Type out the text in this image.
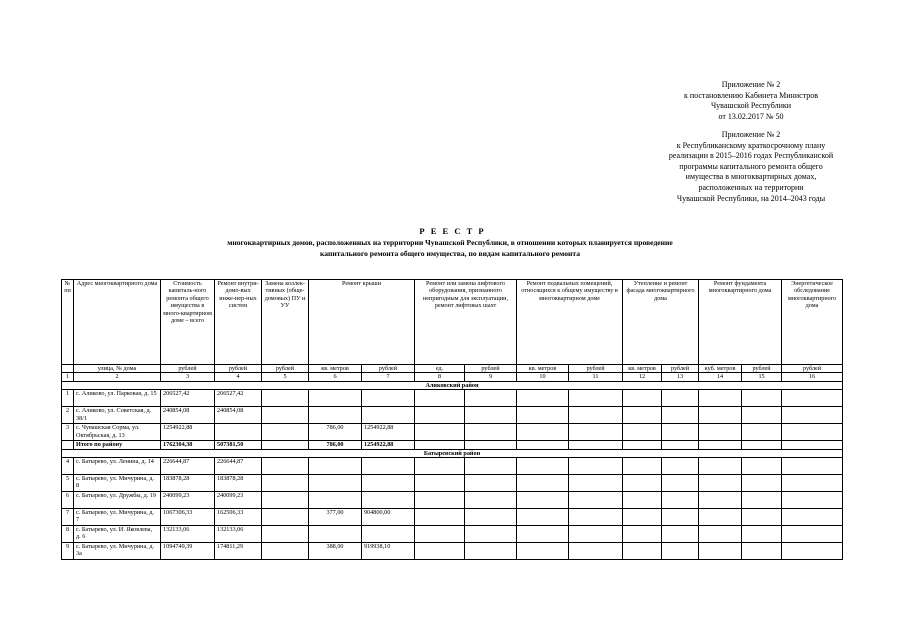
Приложение № 2
к постановлению Кабинета Министров
Чувашской Республики
от 13.02.2017 № 50
Приложение № 2
к Республиканскому краткосрочному плану
реализации в 2015–2016 годах Республиканской
программы капитального ремонта общего
имущества в многоквартирных домах,
расположенных на территории
Чувашской Республики, на 2014–2043 годы
Р Е Е С Т Р
многоквартирных домов, расположенных на территории Чувашской Республики, в отношении которых планируется проведение
капитального ремонта общего имущества, по видам капитального ремонта
№ пп	Адрес многоквартирного дома	Стоимость капиталь-ного ремонта общего имущества в много-квартирном доме – всего	Ремонт внутри-домо-вых инже-нер-ных систем	Замена коллек-тивных (обще-домовых) ПУ и УУ	Ремонт крыши		Ремонт или замена лифтового оборудования, признанного непригодным для эксплуатации, ремонт лифтовых шахт		Ремонт подвальных помещений, относящихся к общему имуществу в многоквартирном доме		Утепление и ремонт фасада многоквартирного дома		Ремонт фундамента многоквартирного дома		Энергетическое обследование многоквартирного дома
	улица, № дома	рублей	рублей	рублей	кв. метров	рублей	ед.	рублей	кв. метров	рублей	кв. метров	рублей	куб. метров	рублей	рублей
1	2	3	4	5	6	7	8	9	10	11	12	13	14	15	16
Аликовский район															
1	с. Аликово, ул. Парковая, д. 15	206527,42	206527,42												
2	с. Аликово, ул. Советская, д. 38/1	240854,08	240854,08												
3	с. Чувашская Сорма, ул. Октябрьская, д. 13	1254922,88			786,00	1254922,88									
	Итого по району	1762304,38	507381,50		786,00	1254922,88									
Батыревский район															
4	с. Батырево, ул. Ленина, д. 14	226644,87	226644,87												
5	с. Батырево, ул. Мичурина, д. 8	183878,28	183878,28												
6	с. Батырево, ул. Дружбы, д. 19	240099,23	240099,23												
7	с. Батырево, ул. Мичурина, д. 7	1067306,33	162506,33		377,00	904800,00									
8	с. Батырево, ул. И. Яковлева, д. 6	132133,06	132133,06												
9	с. Батырево, ул. Мичурина, д. 3а	1094749,39	174811,29		388,00	919938,10									
